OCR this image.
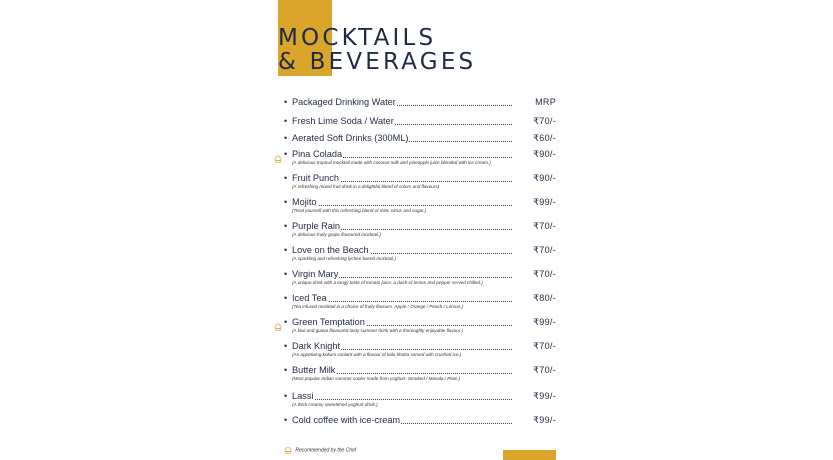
MOCKTAILS
& BEVERAGES
• Packaged Drinking Water	MRP
• Fresh Lime Soda / Water	₹70/-
• Aerated Soft Drinks (300ML)	₹60/-
• Pina Colada	₹90/-
(A delicious tropical mocktail made with coconut milk and pineapple juice blended with ice cream.)
• Fruit Punch	₹90/-
(A refreshing mixed fruit drink in a delightful blend of colors and flavours)
• Mojito	₹99/-
(Treat yourself with this refreshing blend of mint, citrus and sugar.)
• Purple Rain	₹70/-
(A delicious fruity grape flavoured mocktail.)
• Love on the Beach	₹70/-
(A sparkling and refreshing lychee based mocktail.)
• Virgin Mary	₹70/-
(A unique drink with a tangy taste of tomato juice, a dash of lemon and pepper served chilled.)
• Iced Tea	₹80/-
(Tea infused mocktail in a choice of fruity flavours. Apple / Orange / Peach / Lemon.)
• Green Temptation	₹99/-
(A kiwi and guava flavoured tasty summer drink with a thoroughly enjoyable flavour.)
• Dark Knight	₹70/-
(An appetizing kokum coolant with a flavour of kala khatta served with crushed ice.)
• Butter Milk	₹70/-
(Most popular Indian summer cooler made from yoghurt. Smoked / Masala / Plain.)
• Lassi	₹99/-
(A thick creamy sweetened yoghurt drink.)
• Cold coffee with ice-cream	₹99/-
Recommended by the Chef
